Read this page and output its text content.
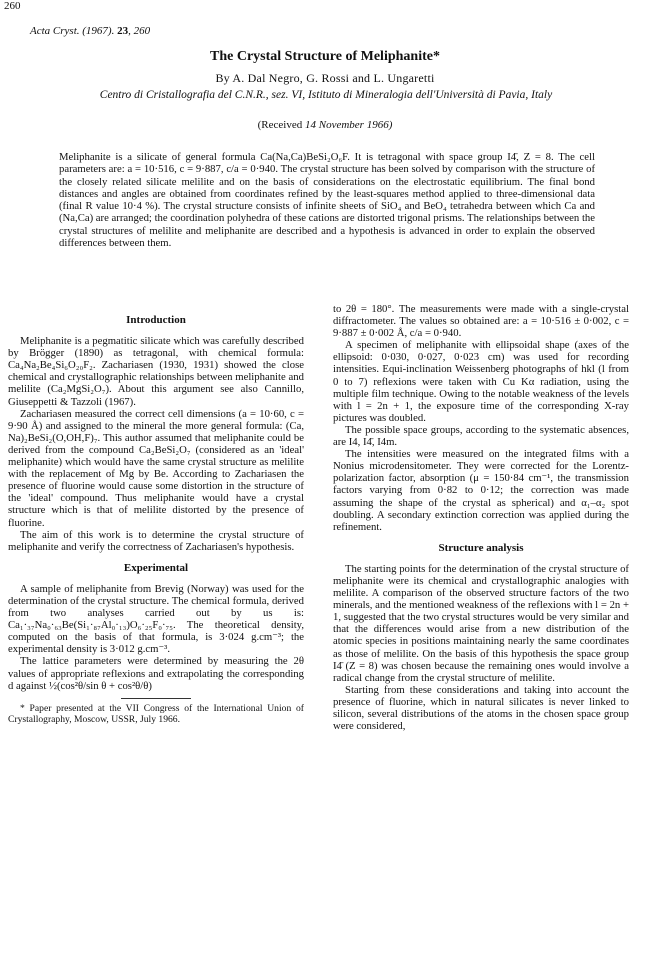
260
Acta Cryst. (1967). 23, 260
The Crystal Structure of Meliphanite*
By A. Dal Negro, G. Rossi and L. Ungaretti
Centro di Cristallografia del C.N.R., sez. VI, Istituto di Mineralogia dell'Università di Pavia, Italy
(Received 14 November 1966)
Meliphanite is a silicate of general formula Ca(Na,Ca)BeSi₂O₆F. It is tetragonal with space group I4̄, Z = 8. The cell parameters are: a = 10·516, c = 9·887, c/a = 0·940. The crystal structure has been solved by comparison with the structure of the closely related silicate melilite and on the basis of considerations on the electrostatic equilibrium. The final bond distances and angles are obtained from coordinates refined by the least-squares method applied to three-dimensional data (final R value 10·4 %). The crystal structure consists of infinite sheets of SiO₄ and BeO₄ tetrahedra between which Ca and (Na,Ca) are arranged; the coordination polyhedra of these cations are distorted trigonal prisms. The relationships between the crystal structures of melilite and meliphanite are described and a hypothesis is advanced in order to explain the observed differences between them.
Introduction

Meliphanite is a pegmatitic silicate which was carefully described by Brögger (1890) as tetragonal, with chemical formula: Ca₄Na₂Be₄Si₆O₂₀F₂. Zachariasen (1930, 1931) showed the close chemical and crystallographic relationships between meliphanite and melilite (Ca₂MgSi₂O₇). About this argument see also Cannillo, Giuseppetti & Tazzoli (1967).

Zachariasen measured the correct cell dimensions (a = 10·60, c = 9·90 Å) and assigned to the mineral the more general formula: (Ca, Na)₂BeSi₂(O,OH,F)₇. This author assumed that meliphanite could be derived from the compound Ca₂BeSi₂O₇ (considered as an 'ideal' meliphanite) which would have the same crystal structure as melilite with the replacement of Mg by Be. According to Zachariasen the presence of fluorine would cause some distortion in the structure of the 'ideal' compound. Thus meliphanite would have a crystal structure which is that of melilite distorted by the presence of fluorine.

The aim of this work is to determine the crystal structure of meliphanite and verify the correctness of Zachariasen's hypothesis.

Experimental

A sample of meliphanite from Brevig (Norway) was used for the determination of the crystal structure. The chemical formula, derived from two analyses carried out by us is: Ca₁·₃₇Na₀·₆₃Be(Si₁·₈₇Al₀·₁₃)O₆·₂₅F₀·₇₅. The theoretical density, computed on the basis of that formula, is 3·024 g.cm⁻³; the experimental density is 3·012 g.cm⁻³.

The lattice parameters were determined by measuring the 2θ values of appropriate reflexions and extrapolating the corresponding d against ½(cos²θ/sin θ + cos²θ/θ)

* Paper presented at the VII Congress of the International Union of Crystallography, Moscow, USSR, July 1966.

to 2θ = 180°. The measurements were made with a single-crystal diffractometer. The values so obtained are: a = 10·516 ± 0·002, c = 9·887 ± 0·002 Å, c/a = 0·940.

A specimen of meliphanite with ellipsoidal shape (axes of the ellipsoid: 0·030, 0·027, 0·023 cm) was used for recording intensities. Equi-inclination Weissenberg photographs of hkl (l from 0 to 7) reflexions were taken with Cu Kα radiation, using the multiple film technique. Owing to the notable weakness of the levels with l = 2n + 1, the exposure time of the corresponding X-ray pictures was doubled.

The possible space groups, according to the systematic absences, are I4, I4̄, I4m.

The intensities were measured on the integrated films with a Nonius microdensitometer. They were corrected for the Lorentz-polarization factor, absorption (μ = 150·84 cm⁻¹, the transmission factors varying from 0·82 to 0·12; the correction was made assuming the shape of the crystal as spherical) and α₁–α₂ spot doubling. A secondary extinction correction was applied during the refinement.

Structure analysis

The starting points for the determination of the crystal structure of meliphanite were its chemical and crystallographic analogies with melilite. A comparison of the observed structure factors of the two minerals, and the mentioned weakness of the reflexions with l = 2n + 1, suggested that the two crystal structures would be very similar and that the differences would arise from a new distribution of the atomic species in positions maintaining nearly the same coordinates as those of melilite. On the basis of this hypothesis the space group I4̄ (Z = 8) was chosen because the remaining ones would involve a radical change from the crystal structure of melilite.

Starting from these considerations and taking into account the presence of fluorine, which in natural silicates is never linked to silicon, several distributions of the atoms in the chosen space group were considered,
